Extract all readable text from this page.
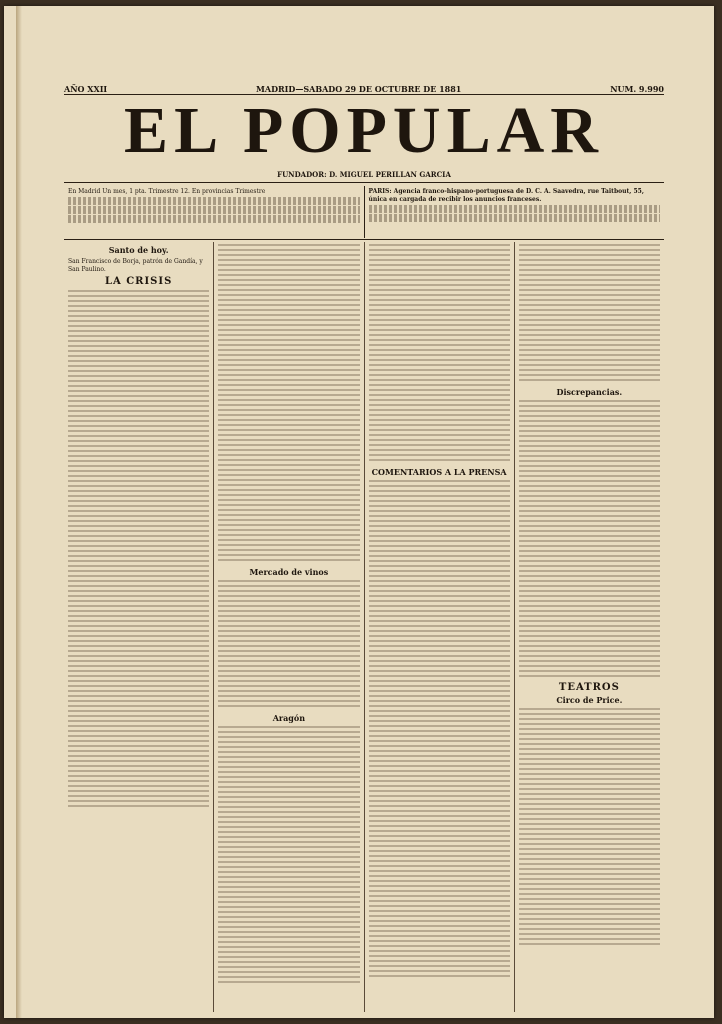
AÑO XXII	MADRID—SABADO 29 DE OCTUBRE DE 1881	NUM. 9.990
EL POPULAR
FUNDADOR: D. MIGUEL PERILLAN GARCIA
En Madrid Un mes, 1 pta. Trimestre 12. En provincias Trimestre	PARIS: Agencia franco-hispano-portuguesa de D. C. A. Saavedra, rue Taitbout, 55, única en cargada de recibir los anuncios franceses.
Santo de hoy.
San Francisco de Borja, patrón de Gandía, y San Paulino.
LA CRISIS
Mercado de vinos
Aragón
COMENTARIOS A LA PRENSA
Discrepancias.
TEATROS
Circo de Price.
